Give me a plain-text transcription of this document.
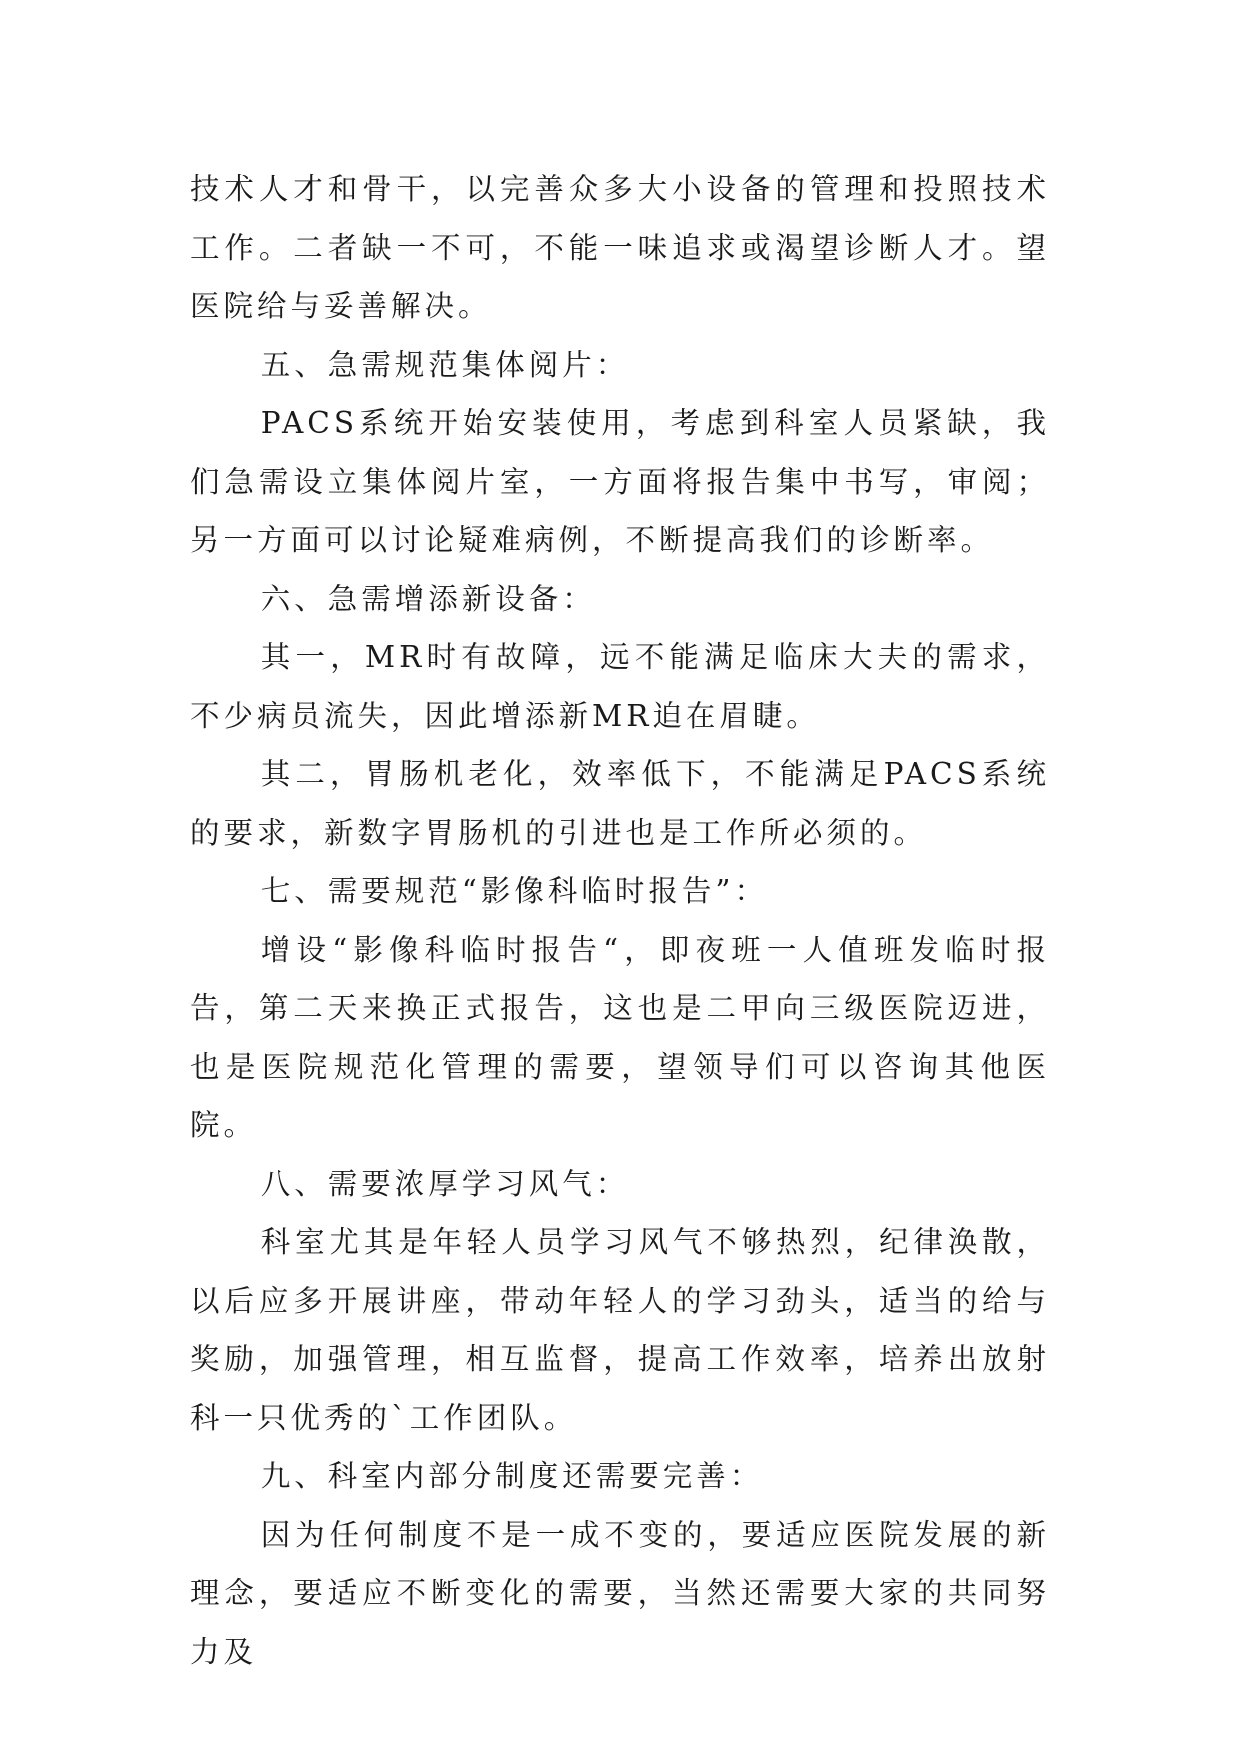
技术人才和骨干，以完善众多大小设备的管理和投照技术工作。二者缺一不可，不能一味追求或渴望诊断人才。望医院给与妥善解决。

五、急需规范集体阅片：

PACS系统开始安装使用，考虑到科室人员紧缺，我们急需设立集体阅片室，一方面将报告集中书写，审阅；另一方面可以讨论疑难病例，不断提高我们的诊断率。

六、急需增添新设备：

其一，MR时有故障，远不能满足临床大夫的需求，不少病员流失，因此增添新MR迫在眉睫。

其二，胃肠机老化，效率低下，不能满足PACS系统的要求，新数字胃肠机的引进也是工作所必须的。

七、需要规范“影像科临时报告”：

增设“影像科临时报告“，即夜班一人值班发临时报告，第二天来换正式报告，这也是二甲向三级医院迈进，也是医院规范化管理的需要，望领导们可以咨询其他医院。

八、需要浓厚学习风气：

科室尤其是年轻人员学习风气不够热烈，纪律涣散，以后应多开展讲座，带动年轻人的学习劲头，适当的给与奖励，加强管理，相互监督，提高工作效率，培养出放射科一只优秀的`工作团队。

九、科室内部分制度还需要完善：

因为任何制度不是一成不变的，要适应医院发展的新理念，要适应不断变化的需要，当然还需要大家的共同努力及
